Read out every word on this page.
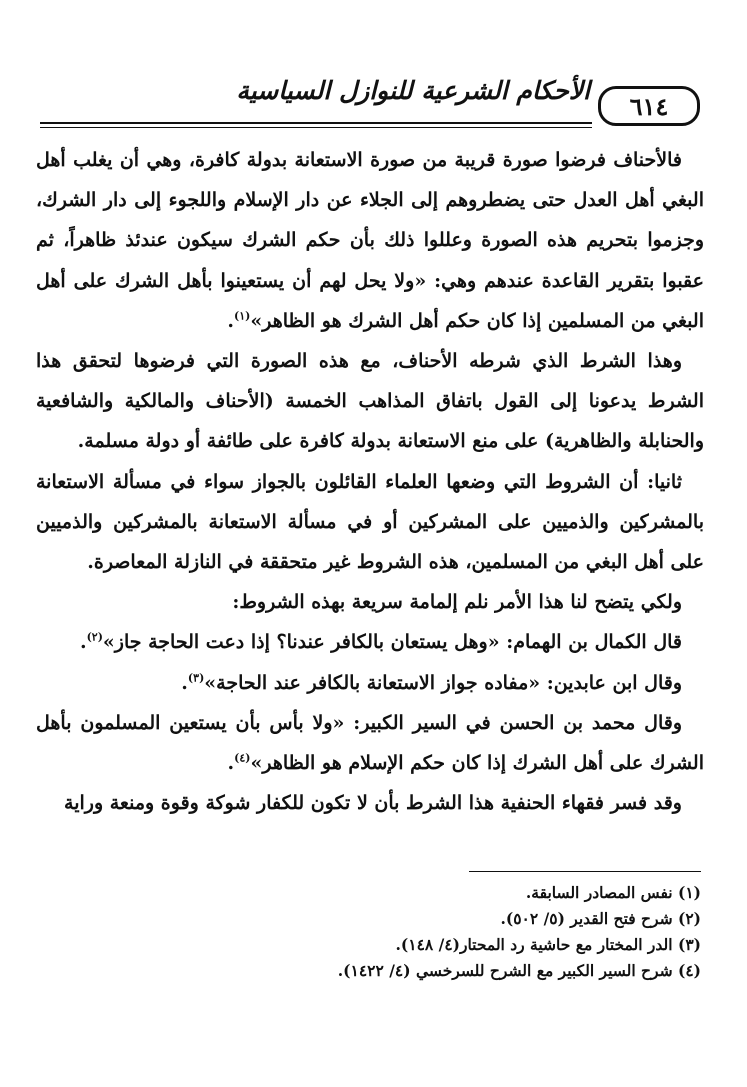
الأحكام الشرعية للنوازل السياسية
٦١٤

فالأحناف فرضوا صورة قريبة من صورة الاستعانة بدولة كافرة، وهي أن يغلب أهل البغي أهل العدل حتى يضطروهم إلى الجلاء عن دار الإسلام واللجوء إلى دار الشرك، وجزموا بتحريم هذه الصورة وعللوا ذلك بأن حكم الشرك سيكون عندئذ ظاهراً، ثم عقبوا بتقرير القاعدة عندهم وهي: «ولا يحل لهم أن يستعينوا بأهل الشرك على أهل البغي من المسلمين إذا كان حكم أهل الشرك هو الظاهر»$^{(١)}$.

وهذا الشرط الذي شرطه الأحناف، مع هذه الصورة التي فرضوها لتحقق هذا الشرط يدعونا إلى القول باتفاق المذاهب الخمسة (الأحناف والمالكية والشافعية والحنابلة والظاهرية) على منع الاستعانة بدولة كافرة على طائفة أو دولة مسلمة.

ثانيا: أن الشروط التي وضعها العلماء القائلون بالجواز سواء في مسألة الاستعانة بالمشركين والذميين على المشركين أو في مسألة الاستعانة بالمشركين والذميين على أهل البغي من المسلمين، هذه الشروط غير متحققة في النازلة المعاصرة.

ولكي يتضح لنا هذا الأمر نلم إلمامة سريعة بهذه الشروط:

قال الكمال بن الهمام: «وهل يستعان بالكافر عندنا؟ إذا دعت الحاجة جاز»$^{(٢)}$.

وقال ابن عابدين: «مفاده جواز الاستعانة بالكافر عند الحاجة»$^{(٣)}$.

وقال محمد بن الحسن في السير الكبير: «ولا بأس بأن يستعين المسلمون بأهل الشرك على أهل الشرك إذا كان حكم الإسلام هو الظاهر»$^{(٤)}$.

وقد فسر فقهاء الحنفية هذا الشرط بأن لا تكون للكفار شوكة وقوة ومنعة وراية

(١) نفس المصادر السابقة.
(٢) شرح فتح القدير (٥/ ٥٠٢).
(٣) الدر المختار مع حاشية رد المحتار(٤/ ١٤٨).
(٤) شرح السير الكبير مع الشرح للسرخسي (٤/ ١٤٢٢).
